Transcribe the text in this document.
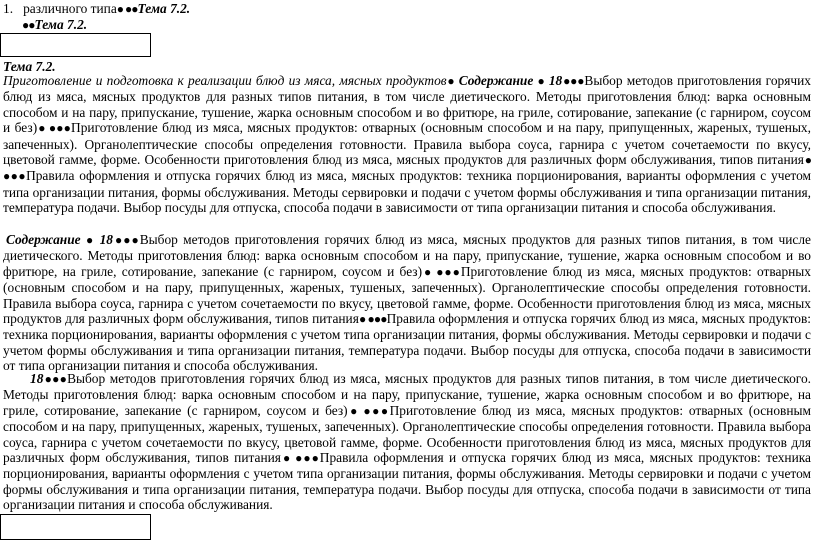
1. различного типа● ●●Тема 7.2.
●●Тема 7.2.
Тема 7.2.

Приготовление и подготовка к реализации блюд из мяса, мясных продуктов● Содержание ● 18●●●Выбор методов приготовления горячих блюд из мяса, мясных продуктов для разных типов питания, в том числе диетического. Методы приготовления блюд: варка основным способом и на пару, припускание, тушение, жарка основным способом и во фритюре, на гриле, сотирование, запекание (с гарниром, соусом и без)● ●●●Приготовление блюд из мяса, мясных продуктов: отварных (основным способом и на пару, припущенных, жареных, тушеных, запеченных). Органолептические способы определения готовности. Правила выбора соуса, гарнира с учетом сочетаемости по вкусу, цветовой гамме, форме. Особенности приготовления блюд из мяса, мясных продуктов для различных форм обслуживания, типов питания● ●●●Правила оформления и отпуска горячих блюд из мяса, мясных продуктов: техника порционирования, варианты оформления с учетом типа организации питания, формы обслуживания. Методы сервировки и подачи с учетом формы обслуживания и типа организации питания, температура подачи. Выбор посуды для отпуска, способа подачи в зависимости от типа организации питания и способа обслуживания.

Содержание ● 18●●●Выбор методов приготовления горячих блюд из мяса, мясных продуктов для разных типов питания, в том числе диетического. Методы приготовления блюд: варка основным способом и на пару, припускание, тушение, жарка основным способом и во фритюре, на гриле, сотирование, запекание (с гарниром, соусом и без)● ●●●Приготовление блюд из мяса, мясных продуктов: отварных (основным способом и на пару, припущенных, жареных, тушеных, запеченных). Органолептические способы определения готовности. Правила выбора соуса, гарнира с учетом сочетаемости по вкусу, цветовой гамме, форме. Особенности приготовления блюд из мяса, мясных продуктов для различных форм обслуживания, типов питания● ●●●Правила оформления и отпуска горячих блюд из мяса, мясных продуктов: техника порционирования, варианты оформления с учетом типа организации питания, формы обслуживания. Методы сервировки и подачи с учетом формы обслуживания и типа организации питания, температура подачи. Выбор посуды для отпуска, способа подачи в зависимости от типа организации питания и способа обслуживания.

18●●●Выбор методов приготовления горячих блюд из мяса, мясных продуктов для разных типов питания, в том числе диетического. Методы приготовления блюд: варка основным способом и на пару, припускание, тушение, жарка основным способом и во фритюре, на гриле, сотирование, запекание (с гарниром, соусом и без)● ●●●Приготовление блюд из мяса, мясных продуктов: отварных (основным способом и на пару, припущенных, жареных, тушеных, запеченных). Органолептические способы определения готовности. Правила выбора соуса, гарнира с учетом сочетаемости по вкусу, цветовой гамме, форме. Особенности приготовления блюд из мяса, мясных продуктов для различных форм обслуживания, типов питания● ●●●Правила оформления и отпуска горячих блюд из мяса, мясных продуктов: техника порционирования, варианты оформления с учетом типа организации питания, формы обслуживания. Методы сервировки и подачи с учетом формы обслуживания и типа организации питания, температура подачи. Выбор посуды для отпуска, способа подачи в зависимости от типа организации питания и способа обслуживания.
